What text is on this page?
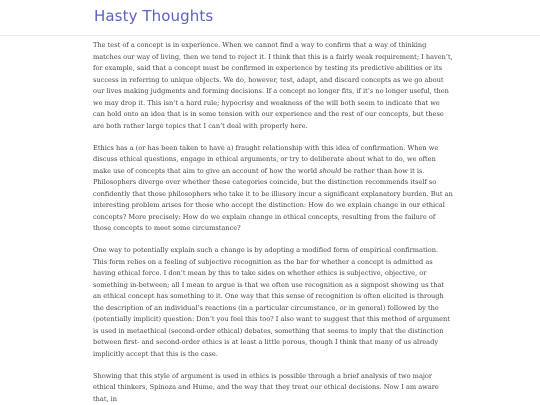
Hasty Thoughts

The test of a concept is in experience. When we cannot find a way to confirm that a way of thinking matches our way of living, then we tend to reject it. I think that this is a fairly weak requirement; I haven’t, for example, said that a concept must be confirmed in experience by testing its predictive abilities or its success in referring to unique objects. We do, however, test, adapt, and discard concepts as we go about our lives making judgments and forming decisions. If a concept no longer fits, if it’s no longer useful, then we may drop it. This isn’t a hard rule; hypocrisy and weakness of the will both seem to indicate that we can hold onto an idea that is in some tension with our experience and the rest of our concepts, but these are both rather large topics that I can’t deal with properly here.

Ethics has a (or has been taken to have a) fraught relationship with this idea of confirmation. When we discuss ethical questions, engage in ethical arguments, or try to deliberate about what to do, we often make use of concepts that aim to give an account of how the world should be rather than how it is. Philosophers diverge over whether these categories coincide, but the distinction recommends itself so confidently that those philosophers who take it to be illusory incur a significant explanatory burden. But an interesting problem arises for those who accept the distinction: How do we explain change in our ethical concepts? More precisely: How do we explain change in ethical concepts, resulting from the failure of those concepts to meet some circumstance?

One way to potentially explain such a change is by adopting a modified form of empirical confirmation. This form relies on a feeling of subjective recognition as the bar for whether a concept is admitted as having ethical force. I don’t mean by this to take sides on whether ethics is subjective, objective, or something in-between; all I mean to argue is that we often use recognition as a signpost showing us that an ethical concept has something to it. One way that this sense of recognition is often elicited is through the description of an individual’s reactions (in a particular circumstance, or in general) followed by the (potentially implicit) question: Don’t you feel this too? I also want to suggest that this method of argument is used in metaethical (second-order ethical) debates, something that seems to imply that the distinction between first- and second-order ethics is at least a little porous, though I think that many of us already implicitly accept that this is the case.

Showing that this style of argument is used in ethics is possible through a brief analysis of two major ethical thinkers, Spinoza and Hume, and the way that they treat our ethical decisions. Now I am aware that, in
